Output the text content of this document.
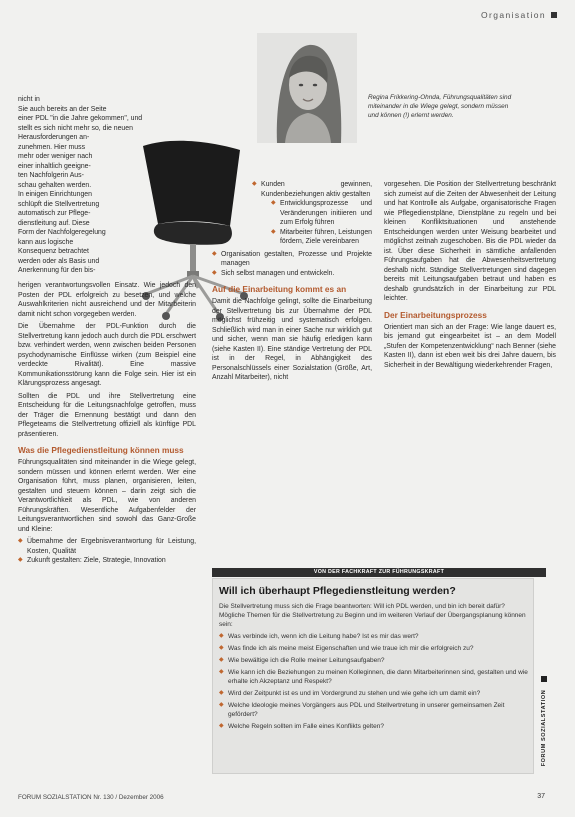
Organisation
Regina Frikkering-Ohnda, Führungsqualitäten sind miteinander in die Wiege gelegt, sondern müssen und können (!) erlernt werden.
nicht in
Sie auch bereits an der Seite
einer PDL "in die Jahre gekommen", und
stellt es sich nicht mehr so, die neuen
Herausforderungen an-
zunehmen. Hier muss
mehr oder weniger nach
einer inhaltlich geeigne-
ten Nachfolgerin Aus-
schau gehalten werden.
In einigen Einrichtungen
schlüpft die Stellvertretung
automatisch zur Pflege-
dienstleitung auf. Diese
Form der Nachfolgeregelung
kann aus logische
Konsequenz betrachtet
werden oder als Basis und
Anerkennung für den bis-

herigen verantwortungsvollen Einsatz. Wie jedoch den Posten der PDL erfolgreich zu besetzen, und welche Auswahlkriterien nicht ausreichend und der Mitarbeiterin damit nicht schon vorgegeben werden.

Die Übernahme der PDL-Funktion durch die Stellvertretung kann jedoch auch durch die PDL erschwert bzw. verhindert werden, wenn zwischen beiden Personen psychodynamische Einflüsse wirken (zum Beispiel eine verdeckte Rivalität). Eine massive Kommunikationsstörung kann die Folge sein. Hier ist ein Klärungsprozess angesagt.

Sollten die PDL und ihre Stellvertretung eine Entscheidung für die Leitungsnachfolge getroffen, muss der Träger die Ernennung bestätigt und dann den Pflegeteams die Stellvertretung offiziell als künftige PDL präsentieren.

Was die Pflegedienstleitung können muss

Führungsqualitäten sind miteinander in die Wiege gelegt, sondern müssen und können erlernt werden. Wer eine Organisation führt, muss planen, organisieren, leiten, gestalten und steuern können – darin zeigt sich die Verantwortlichkeit als PDL, wie von anderen Führungskräften. Wesentliche Aufgabenfelder der Leitungsverantwortlichen sind sowohl das Ganz-Große und Kleine:

◆ Übernahme der Ergebnisverantwortung für Leistung, Kosten, Qualität
◆ Zukunft gestalten: Ziele, Strategie, Innovation
◆ Kunden gewinnen, Kundenbeziehungen aktiv gestalten
◆ Entwicklungsprozesse und Veränderungen initiieren und zum Erfolg führen
◆ Mitarbeiter führen, Leistungen fördern, Ziele vereinbaren
◆ Organisation gestalten, Prozesse und Projekte managen
◆ Sich selbst managen und entwickeln.
Auf die Einarbeitung kommt es an

Damit die Nachfolge gelingt, sollte die Einarbeitung der Stellvertretung bis zur Übernahme der PDL möglichst frühzeitig und systematisch erfolgen. Schließlich wird man in einer Sache nur wirklich gut und sicher, wenn man sie häufig erledigen kann (siehe Kasten II). Eine ständige Vertretung der PDL ist in der Regel, in Abhängigkeit des Personalschlüssels einer Sozialstation (Größe, Art, Anzahl Mitarbeiter), nicht

vorgesehen. Die Position der Stellvertretung beschränkt sich zumeist auf die Zeiten der Abwesenheit der Leitung und hat Kontrolle als Aufgabe, organisatorische Fragen wie Pflegedienstpläne, Dienstpläne zu regeln und bei kleinen Konfliktsituationen und anstehende Entscheidungen werden unter Weisung bearbeitet und möglichst zeitnah zugeschoben. Bis die PDL wieder da ist. Über diese Sicherheit in sämtliche anfallenden Führungsaufgaben hat die Abwesenheitsvertretung deshalb nicht. Ständige Stellvertretungen sind dagegen bereits mit Leitungsaufgaben betraut und haben es deshalb grundsätzlich in der Einarbeitung zur PDL leichter.

Der Einarbeitungsprozess

Orientiert man sich an der Frage: Wie lange dauert es, bis jemand gut eingearbeitet ist – an dem Modell „Stufen der Kompetenzentwicklung“ nach Benner (siehe Kasten II), dann ist eben weit bis drei Jahre dauern, bis Sicherheit in der Bewältigung wiederkehrender Fragen,

VON DER FACHKRAFT ZUR FÜHRUNGSKRAFT
Will ich überhaupt Pflegedienstleitung werden?
Die Stellvertretung muss sich die Frage beantworten: Will ich PDL werden, und bin ich bereit dafür? Mögliche Themen für die Stellvertretung zu Beginn und im weiteren Verlauf der Übergangsplanung können sein:
◆ Was verbinde ich, wenn ich die Leitung habe? Ist es mir das wert?
◆ Was finde ich als meine meist Eigenschaften und wie traue ich mir die erfolgreich zu?
◆ Wie bewältige ich die Rolle meiner Leitungsaufgaben?
◆ Wie kann ich die Beziehungen zu meinen Kolleginnen, die dann Mitarbeiterinnen sind, gestalten und wie erhalte ich Akzeptanz und Respekt?
◆ Wird der Zeitpunkt ist es und im Vordergrund zu stehen und wie gehe ich um damit ein?
◆ Welche Ideologie meines Vorgängers aus PDL und Stellvertretung in unserer gemeinsamen Zeit gefördert?
◆ Welche Regeln sollten im Falle eines Konflikts gelten?	FORUM SOZIALSTATION
FORUM SOZIALSTATION Nr. 130 / Dezember 2006	37
